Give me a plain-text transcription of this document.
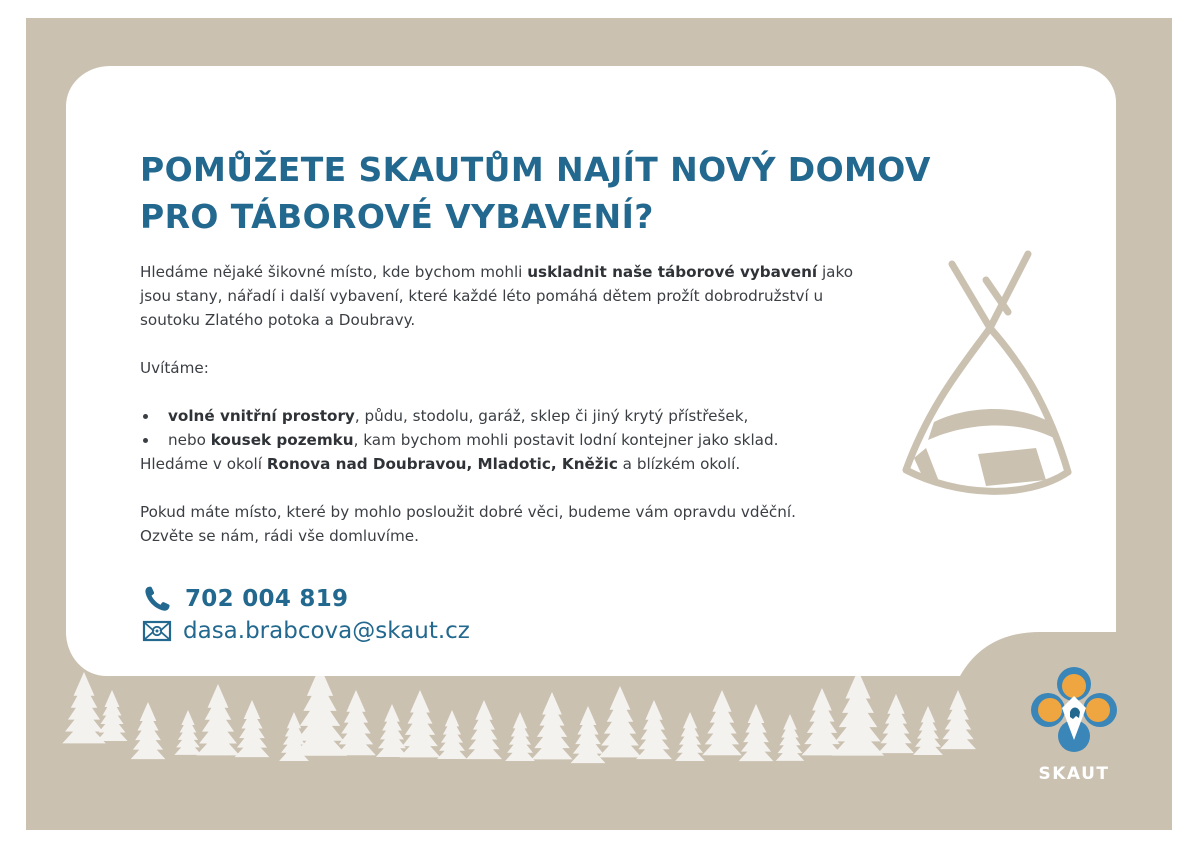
POMŮŽETE SKAUTŮM NAJÍT NOVÝ DOMOV
PRO TÁBOROVÉ VYBAVENÍ?

Hledáme nějaké šikovné místo, kde bychom mohli uskladnit naše táborové vybavení jako jsou stany, nářadí i další vybavení, které každé léto pomáhá dětem prožít dobrodružství u soutoku Zlatého potoka a Doubravy.

Uvítáme:

volné vnitřní prostory, půdu, stodolu, garáž, sklep či jiný krytý přístřešek,
nebo kousek pozemku, kam bychom mohli postavit lodní kontejner jako sklad.

Hledáme v okolí Ronova nad Doubravou, Mladotic, Kněžic a blízkém okolí.

Pokud máte místo, které by mohlo posloužit dobré věci, budeme vám opravdu vděční.

Ozvěte se nám, rádi vše domluvíme.

702 004 819
dasa.brabcova@skaut.cz
SKAUT
